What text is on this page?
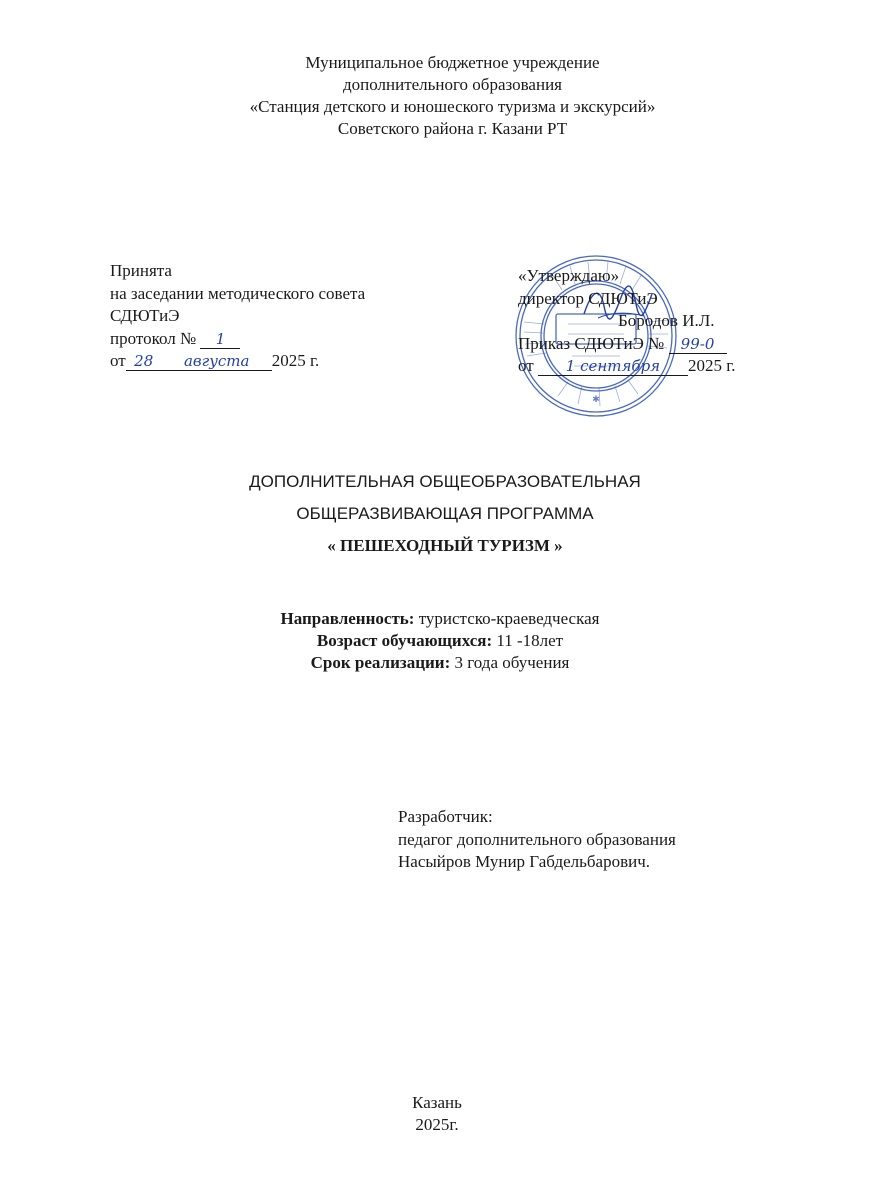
Муниципальное бюджетное учреждение
дополнительного образования
«Станция детского и юношеского туризма и экскурсий»
Советского района г. Казани РТ
Принята
на заседании методического совета
СДЮТиЭ
протокол № 1
от 28 августа 2025 г.
✱
«Утверждаю»
директор СДЮТиЭ
Бородов И.Л.
Приказ СДЮТиЭ № 99-0
от 1 сентября 2025 г.
ДОПОЛНИТЕЛЬНАЯ ОБЩЕОБРАЗОВАТЕЛЬНАЯ
ОБЩЕРАЗВИВАЮЩАЯ ПРОГРАММА
« ПЕШЕХОДНЫЙ ТУРИЗМ »
Направленность: туристско-краеведческая
Возраст обучающихся: 11 -18лет
Срок реализации: 3 года обучения
Разработчик:
педагог дополнительного образования
Насыйров Мунир Габдельбарович.
Казань
2025г.
